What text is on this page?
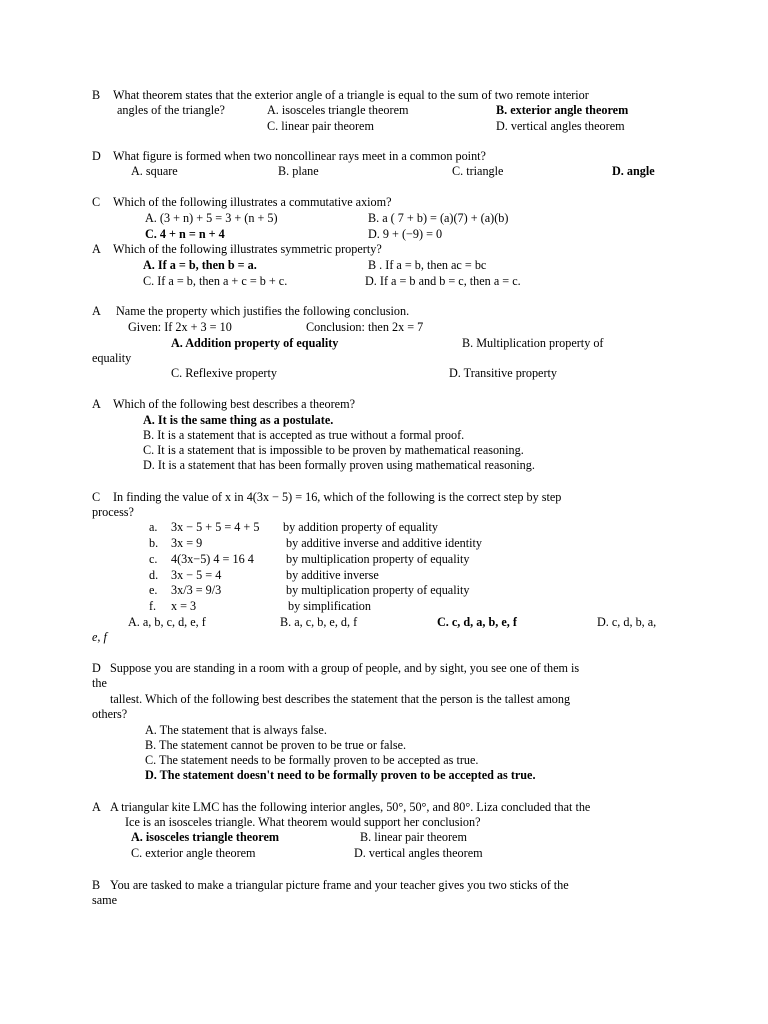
B What theorem states that the exterior angle of a triangle is equal to the sum of two remote interior
angles of the triangle?	A. isosceles triangle theorem	B. exterior angle theorem
C. linear pair theorem	D. vertical angles theorem
D What figure is formed when two noncollinear rays meet in a common point?
A. square	B. plane	C. triangle	D. angle
C Which of the following illustrates a commutative axiom?
A. (3 + n) + 5 = 3 + (n + 5)	B. a ( 7 + b) = (a)(7) + (a)(b)
C. 4 + n = n + 4	D. 9 + (−9) = 0
A Which of the following illustrates symmetric property?
A. If a = b, then b = a.	B . If a = b, then ac = bc
C. If a = b, then a + c = b + c.	D. If a = b and b = c, then a = c.
A Name the property which justifies the following conclusion.
Given: If 2x + 3 = 10	Conclusion: then 2x = 7
A. Addition property of equality	B. Multiplication property of
equality
C. Reflexive property	D. Transitive property
A Which of the following best describes a theorem?
A. It is the same thing as a postulate.
B. It is a statement that is accepted as true without a formal proof.
C. It is a statement that is impossible to be proven by mathematical reasoning.
D. It is a statement that has been formally proven using mathematical reasoning.
C In finding the value of x in 4(3x − 5) = 16, which of the following is the correct step by step
process?
a. 3x − 5 + 5 = 4 + 5 by addition property of equality
b. 3x = 9	by additive inverse and additive identity
c. 4(3x−5) 4 = 16 4	by multiplication property of equality
d. 3x − 5 = 4	by additive inverse
e. 3x/3 = 9/3	by multiplication property of equality
f. x = 3	by simplification
A. a, b, c, d, e, f	B. a, c, b, e, d, f	C. c, d, a, b, e, f	D. c, d, b, a,
e, f
D Suppose you are standing in a room with a group of people, and by sight, you see one of them is
the
tallest. Which of the following best describes the statement that the person is the tallest among
others?
A. The statement that is always false.
B. The statement cannot be proven to be true or false.
C. The statement needs to be formally proven to be accepted as true.
D. The statement doesn't need to be formally proven to be accepted as true.
A A triangular kite LMC has the following interior angles, 50°, 50°, and 80°. Liza concluded that the
Ice is an isosceles triangle. What theorem would support her conclusion?
A. isosceles triangle theorem	B. linear pair theorem
C. exterior angle theorem	D. vertical angles theorem
B You are tasked to make a triangular picture frame and your teacher gives you two sticks of the
same
